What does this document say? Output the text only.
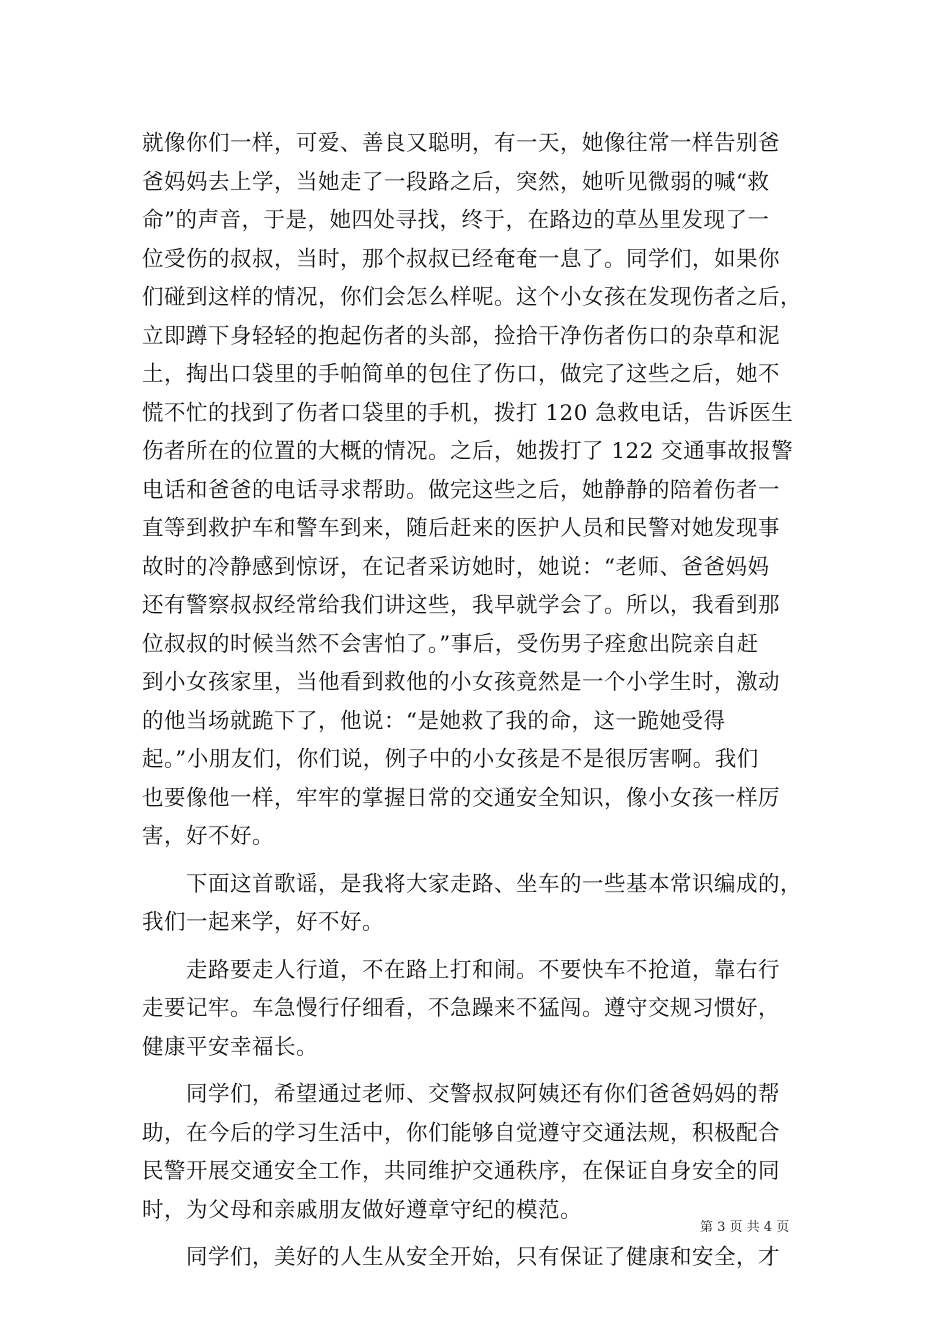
就像你们一样，可爱、善良又聪明，有一天，她像往常一样告别爸
爸妈妈去上学，当她走了一段路之后，突然，她听见微弱的喊“救
命”的声音，于是，她四处寻找，终于，在路边的草丛里发现了一
位受伤的叔叔，当时，那个叔叔已经奄奄一息了。同学们，如果你
们碰到这样的情况，你们会怎么样呢。这个小女孩在发现伤者之后，
立即蹲下身轻轻的抱起伤者的头部，捡拾干净伤者伤口的杂草和泥
土，掏出口袋里的手帕简单的包住了伤口，做完了这些之后，她不
慌不忙的找到了伤者口袋里的手机，拨打 120 急救电话，告诉医生
伤者所在的位置的大概的情况。之后，她拨打了 122 交通事故报警
电话和爸爸的电话寻求帮助。做完这些之后，她静静的陪着伤者一
直等到救护车和警车到来，随后赶来的医护人员和民警对她发现事
故时的冷静感到惊讶，在记者采访她时，她说：“老师、爸爸妈妈
还有警察叔叔经常给我们讲这些，我早就学会了。所以，我看到那
位叔叔的时候当然不会害怕了。”事后，受伤男子痊愈出院亲自赶
到小女孩家里，当他看到救他的小女孩竟然是一个小学生时，激动
的他当场就跪下了，他说：“是她救了我的命，这一跪她受得
起。”小朋友们，你们说，例子中的小女孩是不是很厉害啊。我们
也要像他一样，牢牢的掌握日常的交通安全知识，像小女孩一样厉
害，好不好。
下面这首歌谣，是我将大家走路、坐车的一些基本常识编成的，
我们一起来学，好不好。
走路要走人行道，不在路上打和闹。不要快车不抢道，靠右行
走要记牢。车急慢行仔细看，不急躁来不猛闯。遵守交规习惯好，
健康平安幸福长。
同学们，希望通过老师、交警叔叔阿姨还有你们爸爸妈妈的帮
助，在今后的学习生活中，你们能够自觉遵守交通法规，积极配合
民警开展交通安全工作，共同维护交通秩序，在保证自身安全的同
时，为父母和亲戚朋友做好遵章守纪的模范。
同学们，美好的人生从安全开始，只有保证了健康和安全，才
第 3 页 共 4 页
